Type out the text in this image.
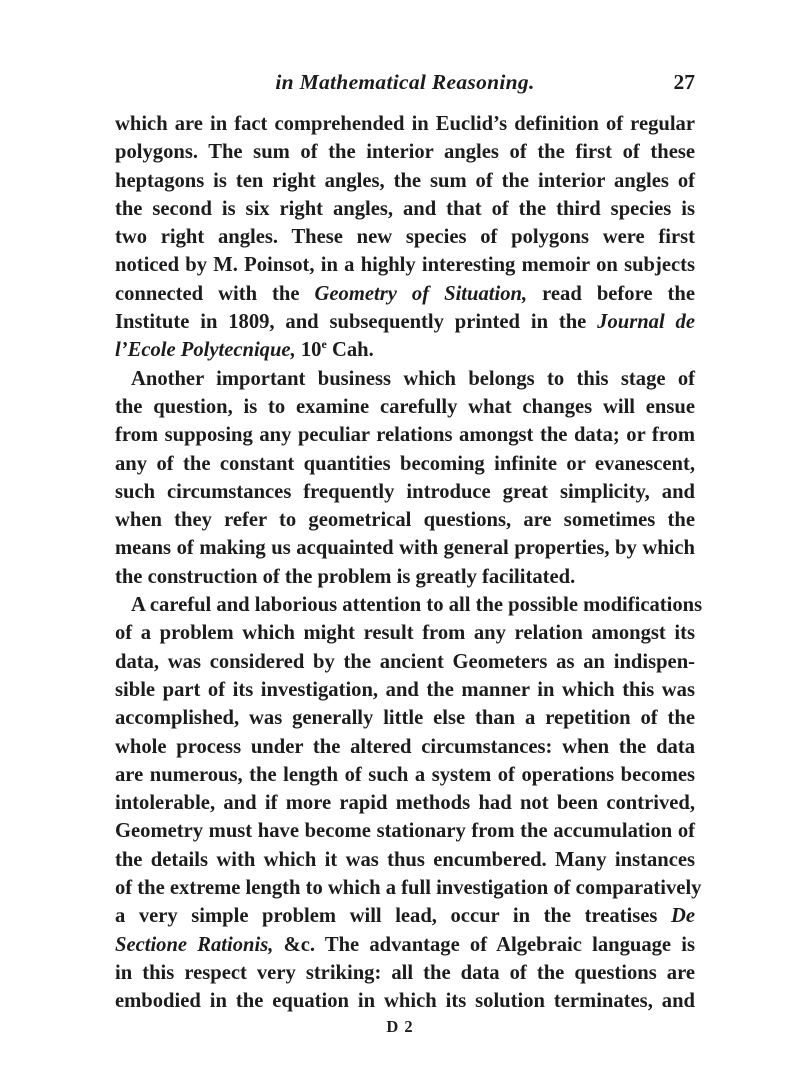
in Mathematical Reasoning.	27
which are in fact comprehended in Euclid’s definition of regular
polygons. The sum of the interior angles of the first of these
heptagons is ten right angles, the sum of the interior angles of
the second is six right angles, and that of the third species is
two right angles. These new species of polygons were first
noticed by M. Poinsot, in a highly interesting memoir on subjects
connected with the Geometry of Situation, read before the
Institute in 1809, and subsequently printed in the Journal de
l’Ecole Polytecnique, 10e Cah.
Another important business which belongs to this stage of
the question, is to examine carefully what changes will ensue
from supposing any peculiar relations amongst the data; or from
any of the constant quantities becoming infinite or evanescent,
such circumstances frequently introduce great simplicity, and
when they refer to geometrical questions, are sometimes the
means of making us acquainted with general properties, by which
the construction of the problem is greatly facilitated.
A careful and laborious attention to all the possible modifications
of a problem which might result from any relation amongst its
data, was considered by the ancient Geometers as an indispen-
sible part of its investigation, and the manner in which this was
accomplished, was generally little else than a repetition of the
whole process under the altered circumstances: when the data
are numerous, the length of such a system of operations becomes
intolerable, and if more rapid methods had not been contrived,
Geometry must have become stationary from the accumulation of
the details with which it was thus encumbered. Many instances
of the extreme length to which a full investigation of comparatively
a very simple problem will lead, occur in the treatises De
Sectione Rationis, &c. The advantage of Algebraic language is
in this respect very striking: all the data of the questions are
embodied in the equation in which its solution terminates, and
D 2
